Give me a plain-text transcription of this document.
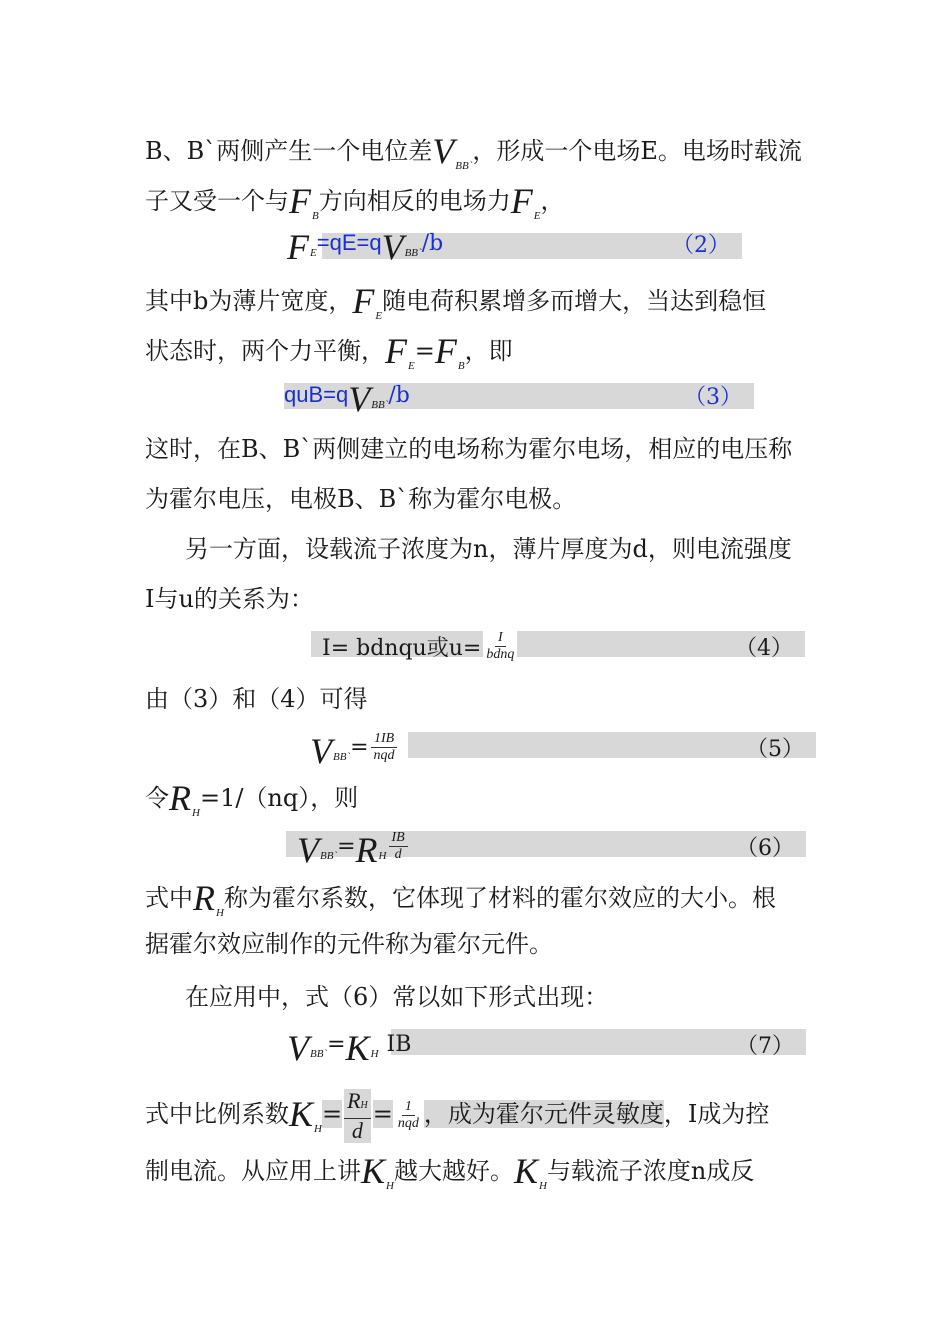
B、B`两侧产生一个电位差$V_{BB`}$，形成一个电场E。电场时载流
子又受一个与$F_B$方向相反的电场力$F_E$，
F E =qE=q V BB` /b	（2）
其中b为薄片宽度，$F_E$随电荷积累增多而增大，当达到稳恒
状态时，两个力平衡，$F_E=F_B$，即
quB=q V BB` /b	（3）
这时，在B、B`两侧建立的电场称为霍尔电场，相应的电压称
为霍尔电压，电极B、B`称为霍尔电极。
另一方面，设载流子浓度为n，薄片厚度为d，则电流强度
I与u的关系为：
I= bdnqu或$u= \frac{I}{\text{bdnq}}$	（4）
由（3）和（4）可得
V BB` = $\frac{1IB}{\text{nqd}}$	（5）
令$R_H=1/(nq)$，则
V BB` = R H $\frac{IB}{d}$	（6）
式中$R_H$称为霍尔系数，它体现了材料的霍尔效应的大小。根
据霍尔效应制作的元件称为霍尔元件。
在应用中，式（6）常以如下形式出现：
V BB` = K H IB	（7）
式中比例系数$K_H= \frac{RH}{d} = \frac{1}{\text{nqd}}$ ，成为霍尔元件灵敏度，I成为控
制电流。从应用上讲$K_H$越大越好。$K_H$与载流子浓度n成反
